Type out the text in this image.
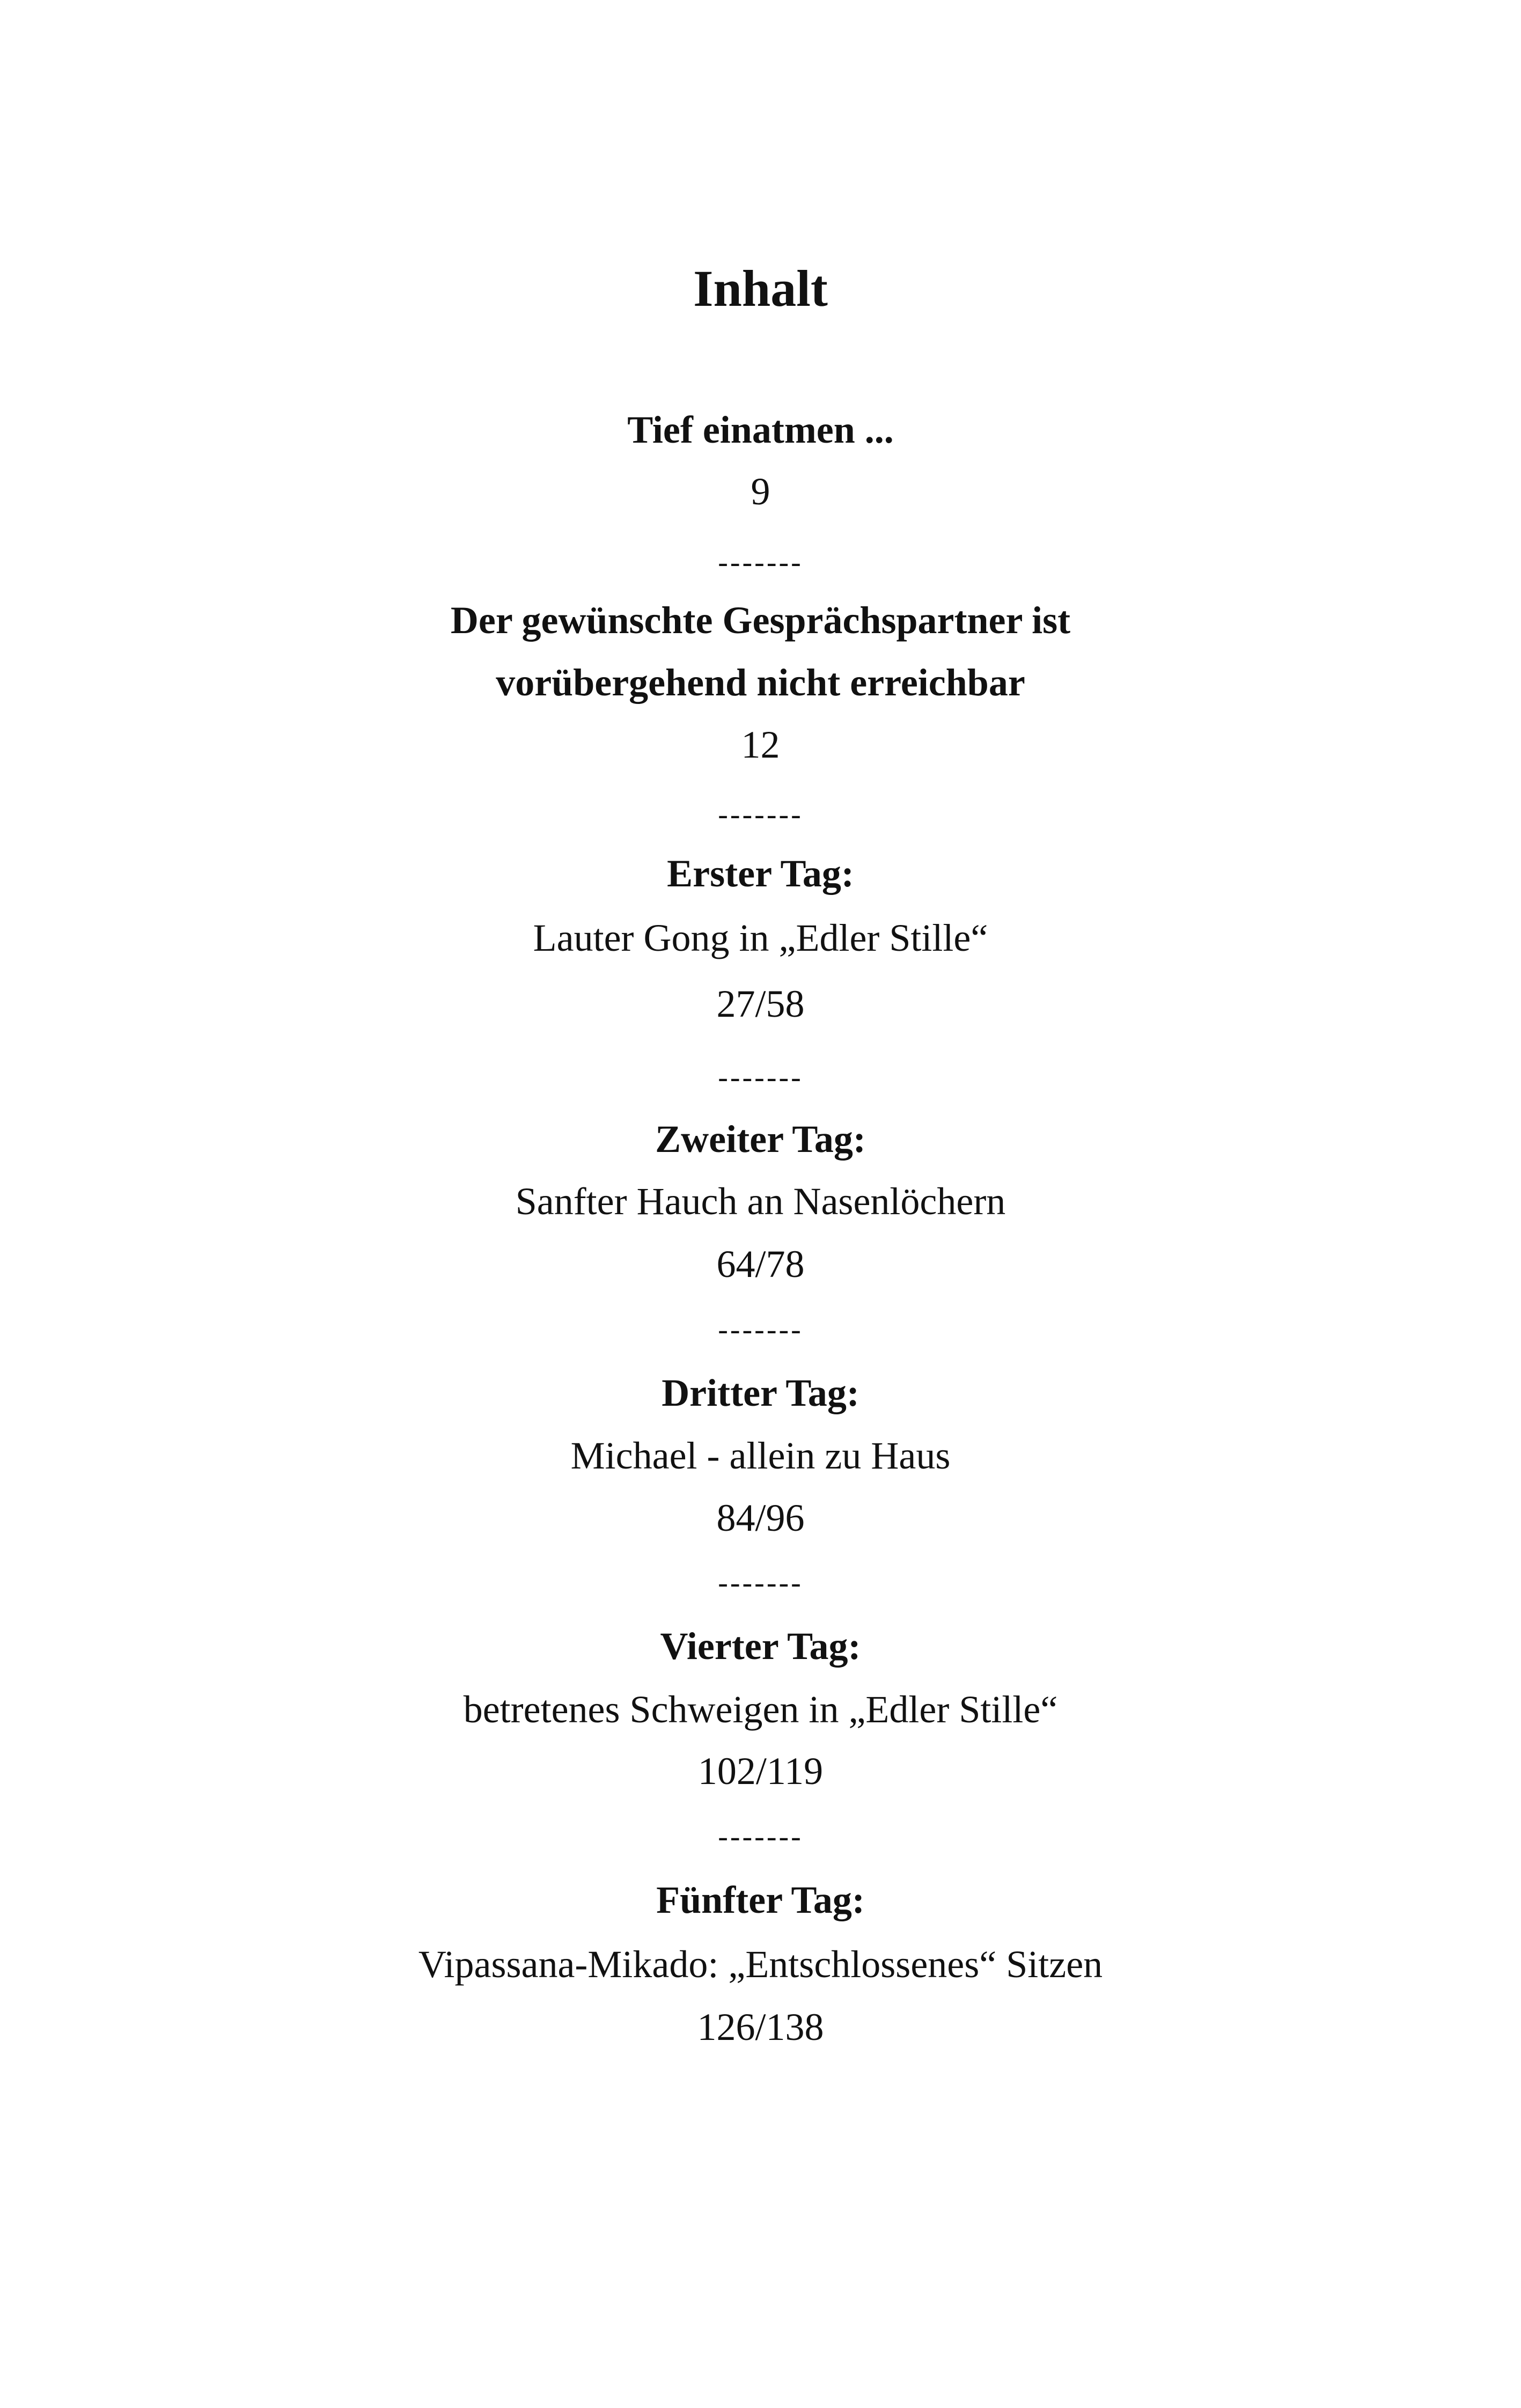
Inhalt
Tief einatmen ...
9
-------
Der gewünschte Gesprächspartner ist
vorübergehend nicht erreichbar
12
-------
Erster Tag:
Lauter Gong in „Edler Stille“
27/58
-------
Zweiter Tag:
Sanfter Hauch an Nasenlöchern
64/78
-------
Dritter Tag:
Michael - allein zu Haus
84/96
-------
Vierter Tag:
betretenes Schweigen in „Edler Stille“
102/119
-------
Fünfter Tag:
Vipassana-Mikado: „Entschlossenes“ Sitzen
126/138
